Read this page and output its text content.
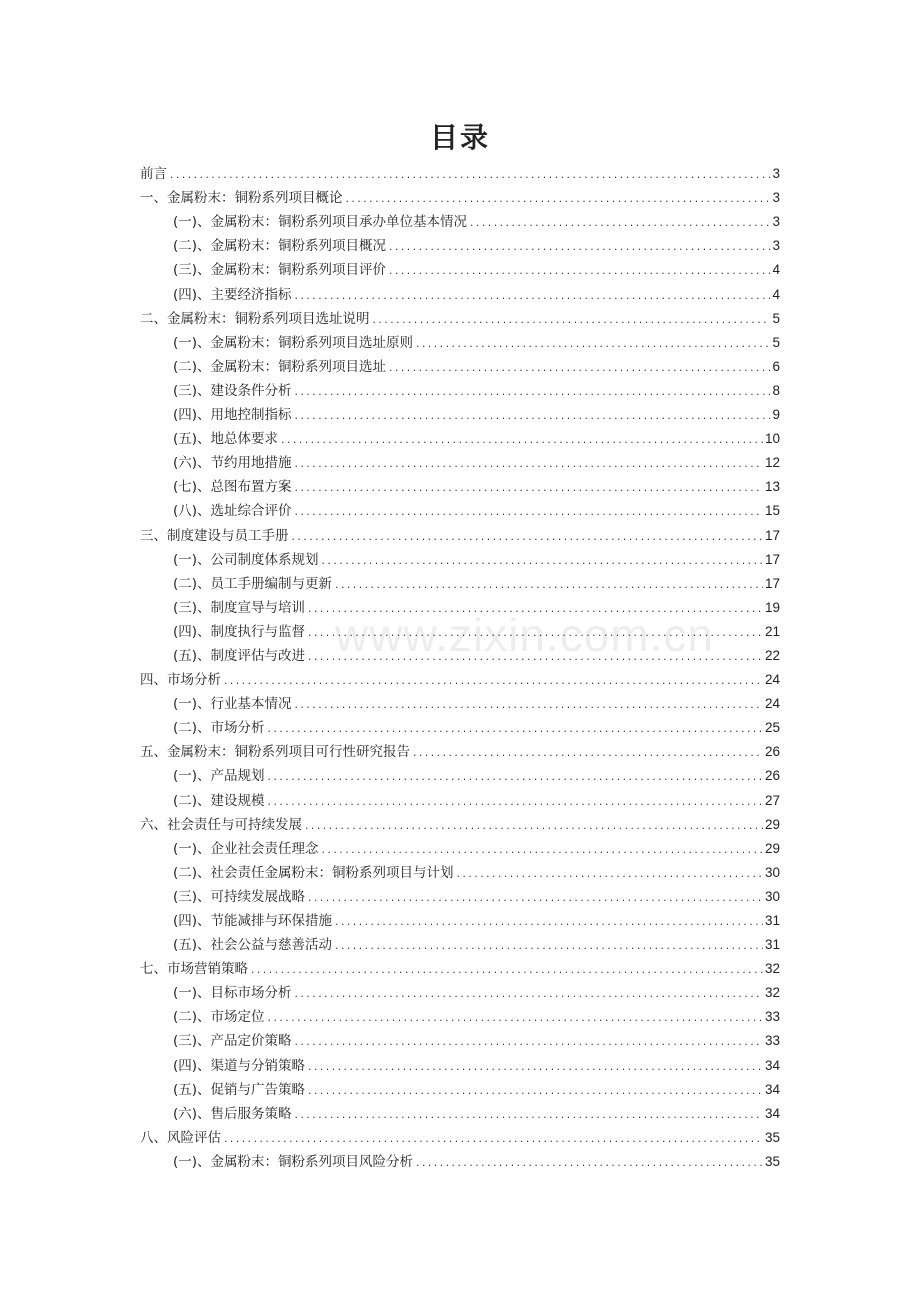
目录
前言 .....	3
一、金属粉末：铜粉系列项目概论 .....	3
(一)、金属粉末：铜粉系列项目承办单位基本情况 .....	3
(二)、金属粉末：铜粉系列项目概况 .....	3
(三)、金属粉末：铜粉系列项目评价 .....	4
(四)、主要经济指标 .....	4
二、金属粉末：铜粉系列项目选址说明 .....	5
(一)、金属粉末：铜粉系列项目选址原则 .....	5
(二)、金属粉末：铜粉系列项目选址 .....	6
(三)、建设条件分析 .....	8
(四)、用地控制指标 .....	9
(五)、地总体要求 .....	10
(六)、节约用地措施 .....	12
(七)、总图布置方案 .....	13
(八)、选址综合评价 .....	15
三、制度建设与员工手册 .....	17
(一)、公司制度体系规划 .....	17
(二)、员工手册编制与更新 .....	17
(三)、制度宣导与培训 .....	19
(四)、制度执行与监督 .....	21
(五)、制度评估与改进 .....	22
四、市场分析 .....	24
(一)、行业基本情况 .....	24
(二)、市场分析 .....	25
五、金属粉末：铜粉系列项目可行性研究报告 .....	26
(一)、产品规划 .....	26
(二)、建设规模 .....	27
六、社会责任与可持续发展 .....	29
(一)、企业社会责任理念 .....	29
(二)、社会责任金属粉末：铜粉系列项目与计划 .....	30
(三)、可持续发展战略 .....	30
(四)、节能减排与环保措施 .....	31
(五)、社会公益与慈善活动 .....	31
七、市场营销策略 .....	32
(一)、目标市场分析 .....	32
(二)、市场定位 .....	33
(三)、产品定价策略 .....	33
(四)、渠道与分销策略 .....	34
(五)、促销与广告策略 .....	34
(六)、售后服务策略 .....	34
八、风险评估 .....	35
(一)、金属粉末：铜粉系列项目风险分析 .....	35
www.zixin.com.cn
